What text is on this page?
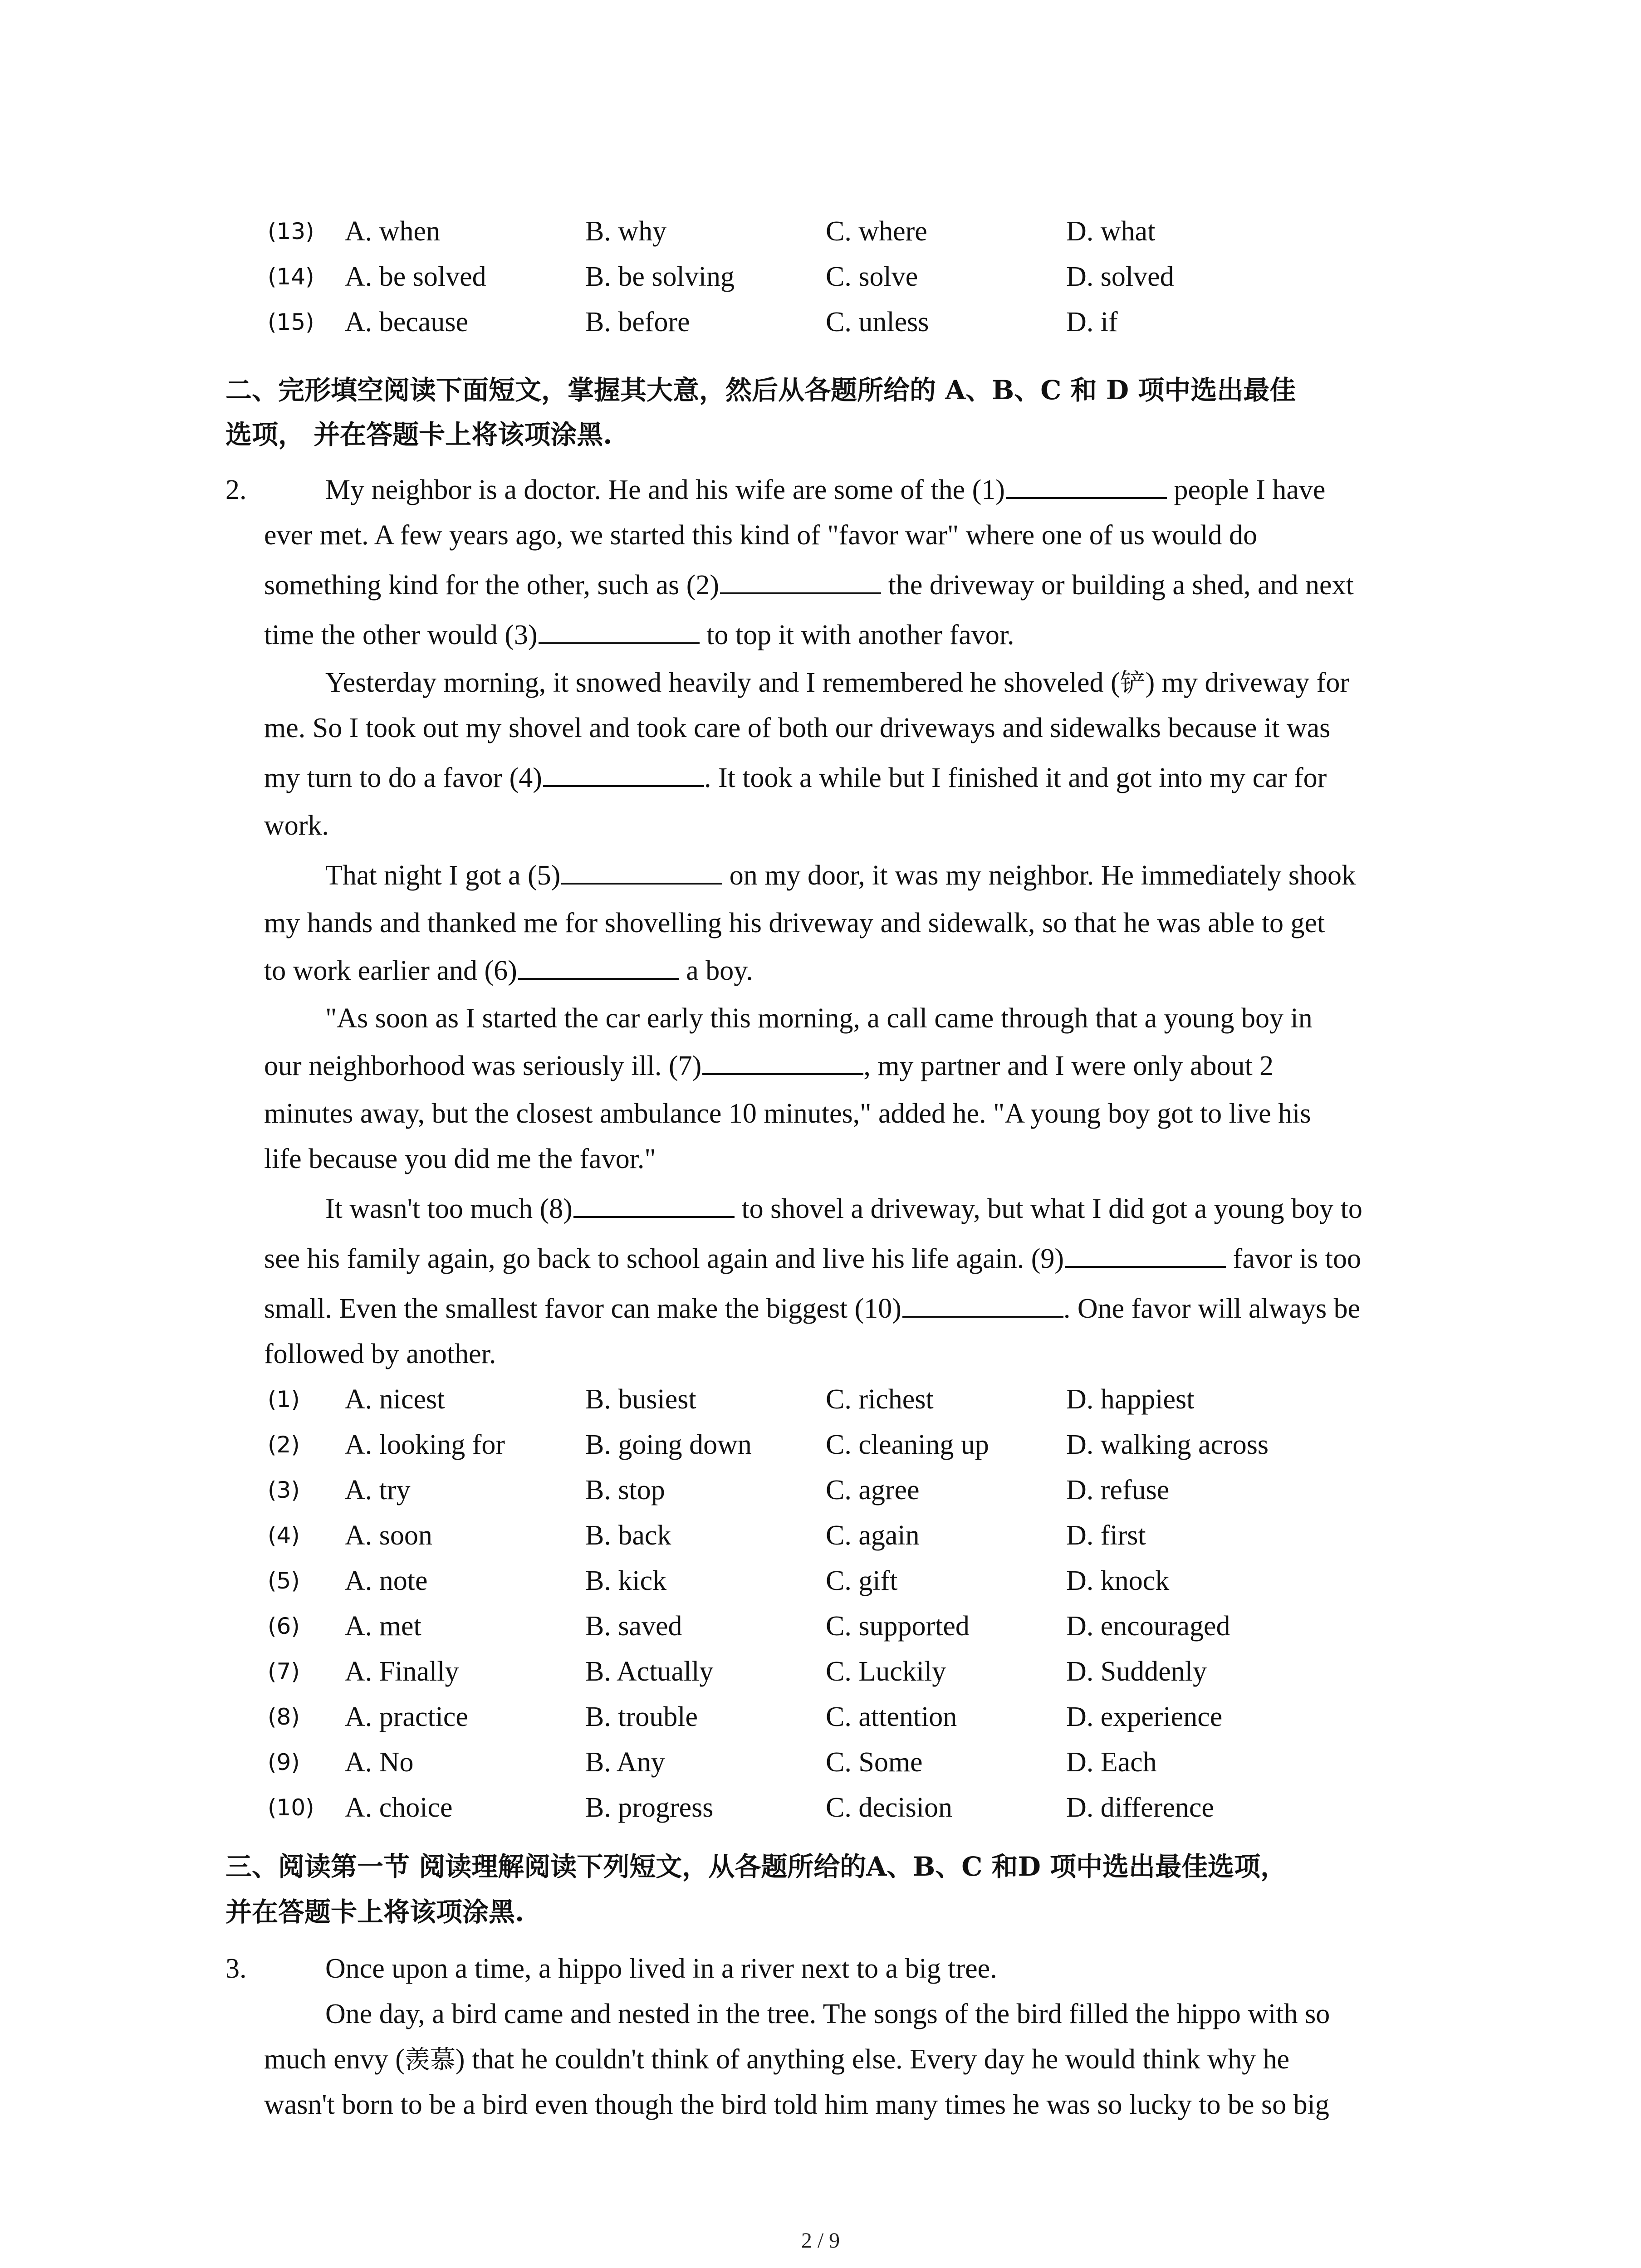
(13) A. when	B. why	C. where	D. what
(14) A. be solved	B. be solving	C. solve	D. solved
(15) A. because	B. before	C. unless	D. if
二、完形填空阅读下面短文，掌握其大意，然后从各题所给的 A、B、C 和 D 项中选出最佳
选项， 并在答题卡上将该项涂黑.
2.	My neighbor is a doctor. He and his wife are some of the (1)	people I have
ever met. A few years ago, we started this kind of "favor war" where one of us would do
something kind for the other, such as (2)	the driveway or building a shed, and next
time the other would (3)	to top it with another favor.
Yesterday morning, it snowed heavily and I remembered he shoveled (铲) my driveway for
me. So I took out my shovel and took care of both our driveways and sidewalks because it was
my turn to do a favor (4)	. It took a while but I finished it and got into my car for
work.
That night I got a (5)	on my door, it was my neighbor. He immediately shook
my hands and thanked me for shovelling his driveway and sidewalk, so that he was able to get
to work earlier and (6)	a boy.
"As soon as I started the car early this morning, a call came through that a young boy in
our neighborhood was seriously ill. (7)	, my partner and I were only about 2
minutes away, but the closest ambulance 10 minutes," added he. "A young boy got to live his
life because you did me the favor."
It wasn't too much (8)	to shovel a driveway, but what I did got a young boy to
see his family again, go back to school again and live his life again. (9)	favor is too
small. Even the smallest favor can make the biggest (10)	. One favor will always be
followed by another.
(1) A. nicest	B. busiest	C. richest	D. happiest
(2) A. looking for	B. going down	C. cleaning up	D. walking across
(3) A. try	B. stop	C. agree	D. refuse
(4) A. soon	B. back	C. again	D. first
(5) A. note	B. kick	C. gift	D. knock
(6) A. met	B. saved	C. supported	D. encouraged
(7) A. Finally	B. Actually	C. Luckily	D. Suddenly
(8) A. practice	B. trouble	C. attention	D. experience
(9) A. No	B. Any	C. Some	D. Each
(10) A. choice	B. progress	C. decision	D. difference
三、阅读第一节 阅读理解阅读下列短文，从各题所给的A、B、C 和D 项中选出最佳选项，
并在答题卡上将该项涂黑.
3.	Once upon a time, a hippo lived in a river next to a big tree.
One day, a bird came and nested in the tree. The songs of the bird filled the hippo with so
much envy (羡慕) that he couldn't think of anything else. Every day he would think why he
wasn't born to be a bird even though the bird told him many times he was so lucky to be so big
2 / 9
